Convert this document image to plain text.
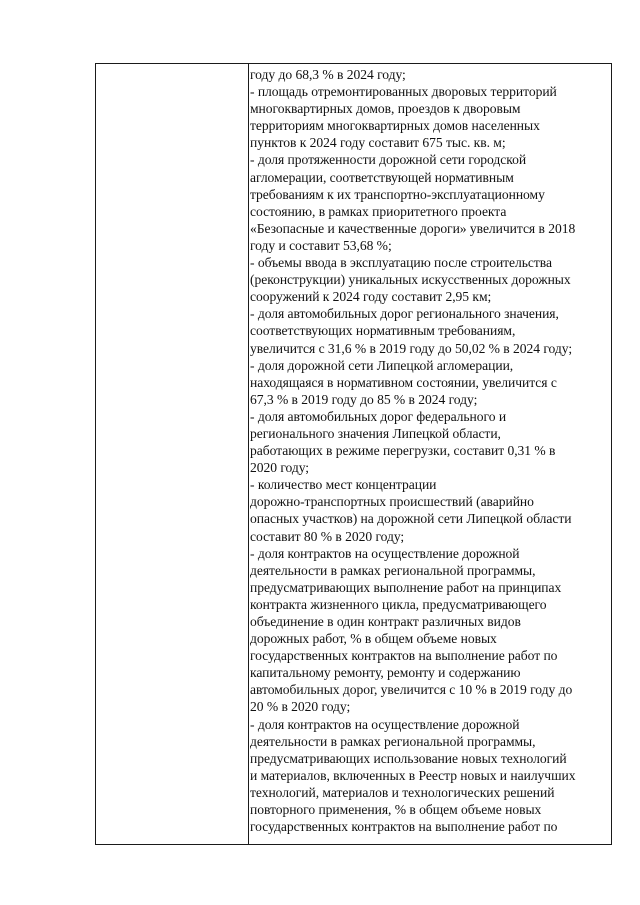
году до 68,3 % в 2024 году;
- площадь отремонтированных дворовых территорий
многоквартирных домов, проездов к дворовым
территориям многоквартирных домов населенных
пунктов к 2024 году составит 675 тыс. кв. м;
- доля протяженности дорожной сети городской
агломерации, соответствующей нормативным
требованиям к их транспортно-эксплуатационному
состоянию, в рамках приоритетного проекта
«Безопасные и качественные дороги» увеличится в 2018
году и составит 53,68 %;
- объемы ввода в эксплуатацию после строительства
(реконструкции) уникальных искусственных дорожных
сооружений к 2024 году составит 2,95 км;
- доля автомобильных дорог регионального значения,
соответствующих нормативным требованиям,
увеличится с 31,6 % в 2019 году до 50,02 % в 2024 году;
- доля дорожной сети Липецкой агломерации,
находящаяся в нормативном состоянии, увеличится с
67,3 % в 2019 году до 85 % в 2024 году;
- доля автомобильных дорог федерального и
регионального значения Липецкой области,
работающих в режиме перегрузки, составит 0,31 % в
2020 году;
- количество мест концентрации
дорожно-транспортных происшествий (аварийно
опасных участков) на дорожной сети Липецкой области
составит 80 % в 2020 году;
- доля контрактов на осуществление дорожной
деятельности в рамках региональной программы,
предусматривающих выполнение работ на принципах
контракта жизненного цикла, предусматривающего
объединение в один контракт различных видов
дорожных работ, % в общем объеме новых
государственных контрактов на выполнение работ по
капитальному ремонту, ремонту и содержанию
автомобильных дорог, увеличится с 10 % в 2019 году до
20 % в 2020 году;
- доля контрактов на осуществление дорожной
деятельности в рамках региональной программы,
предусматривающих использование новых технологий
и материалов, включенных в Реестр новых и наилучших
технологий, материалов и технологических решений
повторного применения, % в общем объеме новых
государственных контрактов на выполнение работ по
